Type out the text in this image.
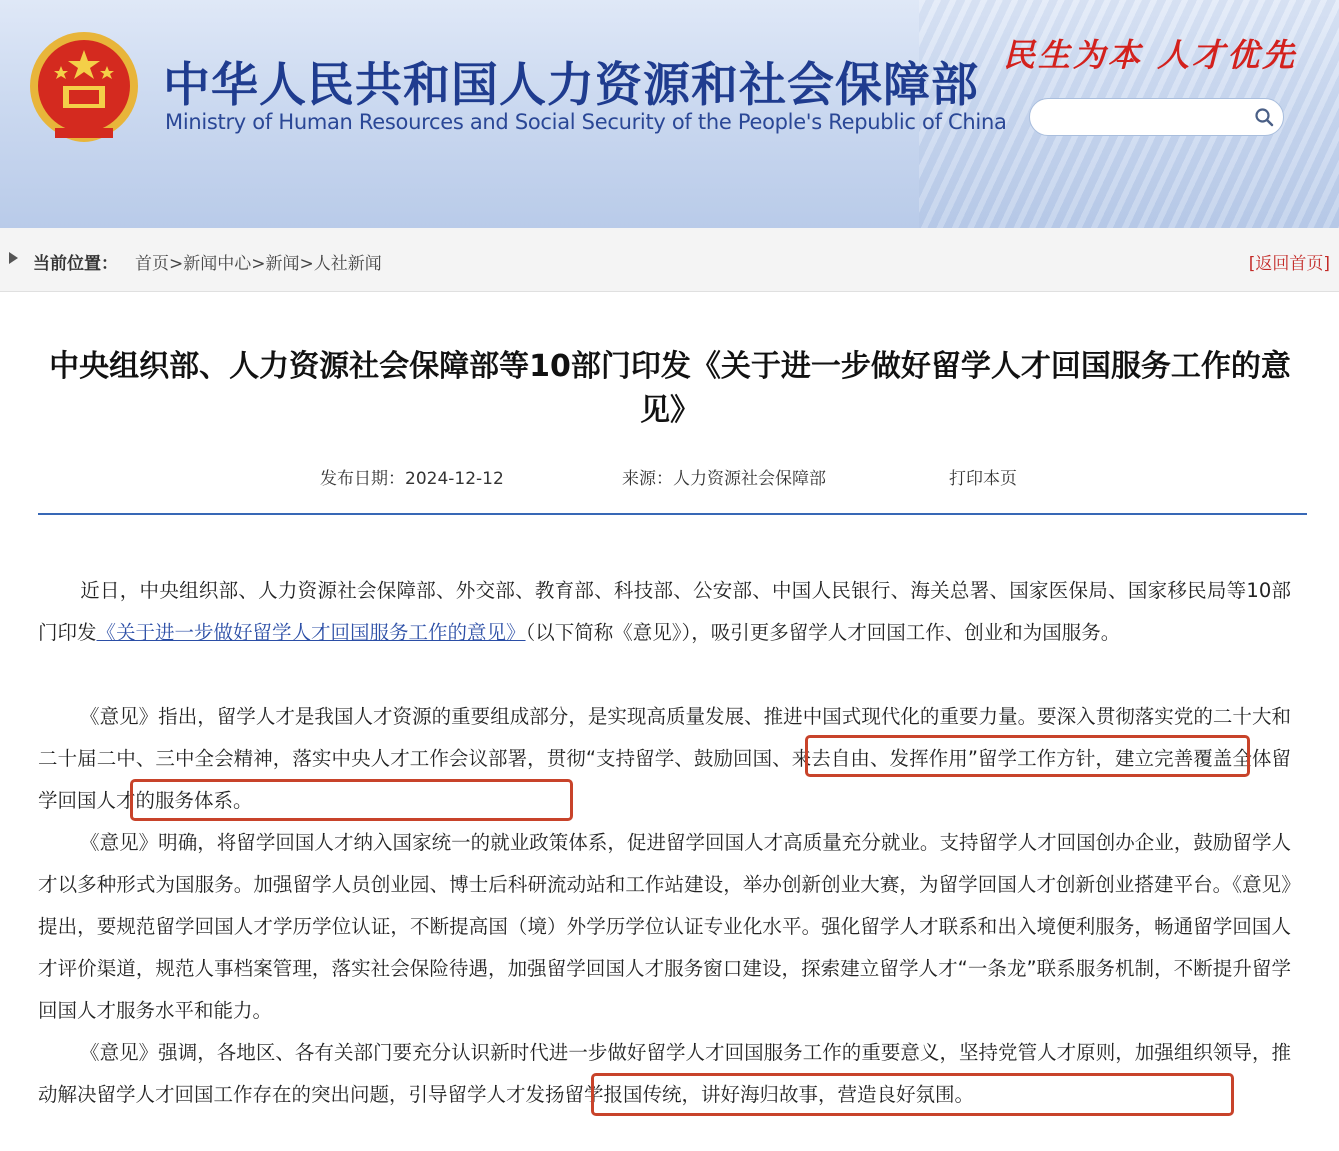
中华人民共和国人力资源和社会保障部
Ministry of Human Resources and Social Security of the People's Republic of China
民生为本 人才优先
当前位置： 首页>新闻中心>新闻>人社新闻	[返回首页]
中央组织部、人力资源社会保障部等10部门印发《关于进一步做好留学人才回国服务工作的意见》
发布日期：2024-12-12	来源：人力资源社会保障部	打印本页

近日，中央组织部、人力资源社会保障部、外交部、教育部、科技部、公安部、中国人民银行、海关总署、国家医保局、国家移民局等10部门印发《关于进一步做好留学人才回国服务工作的意见》（以下简称《意见》），吸引更多留学人才回国工作、创业和为国服务。

《意见》指出，留学人才是我国人才资源的重要组成部分，是实现高质量发展、推进中国式现代化的重要力量。要深入贯彻落实党的二十大和二十届二中、三中全会精神，落实中央人才工作会议部署，贯彻“支持留学、鼓励回国、来去自由、发挥作用”留学工作方针，建立完善覆盖全体留学回国人才的服务体系。

《意见》明确，将留学回国人才纳入国家统一的就业政策体系，促进留学回国人才高质量充分就业。支持留学人才回国创办企业，鼓励留学人才以多种形式为国服务。加强留学人员创业园、博士后科研流动站和工作站建设，举办创新创业大赛，为留学回国人才创新创业搭建平台。《意见》提出，要规范留学回国人才学历学位认证，不断提高国（境）外学历学位认证专业化水平。强化留学人才联系和出入境便利服务，畅通留学回国人才评价渠道，规范人事档案管理，落实社会保险待遇，加强留学回国人才服务窗口建设，探索建立留学人才“一条龙”联系服务机制，不断提升留学回国人才服务水平和能力。

《意见》强调，各地区、各有关部门要充分认识新时代进一步做好留学人才回国服务工作的重要意义，坚持党管人才原则，加强组织领导，推动解决留学人才回国工作存在的突出问题，引导留学人才发扬留学报国传统，讲好海归故事，营造良好氛围。
